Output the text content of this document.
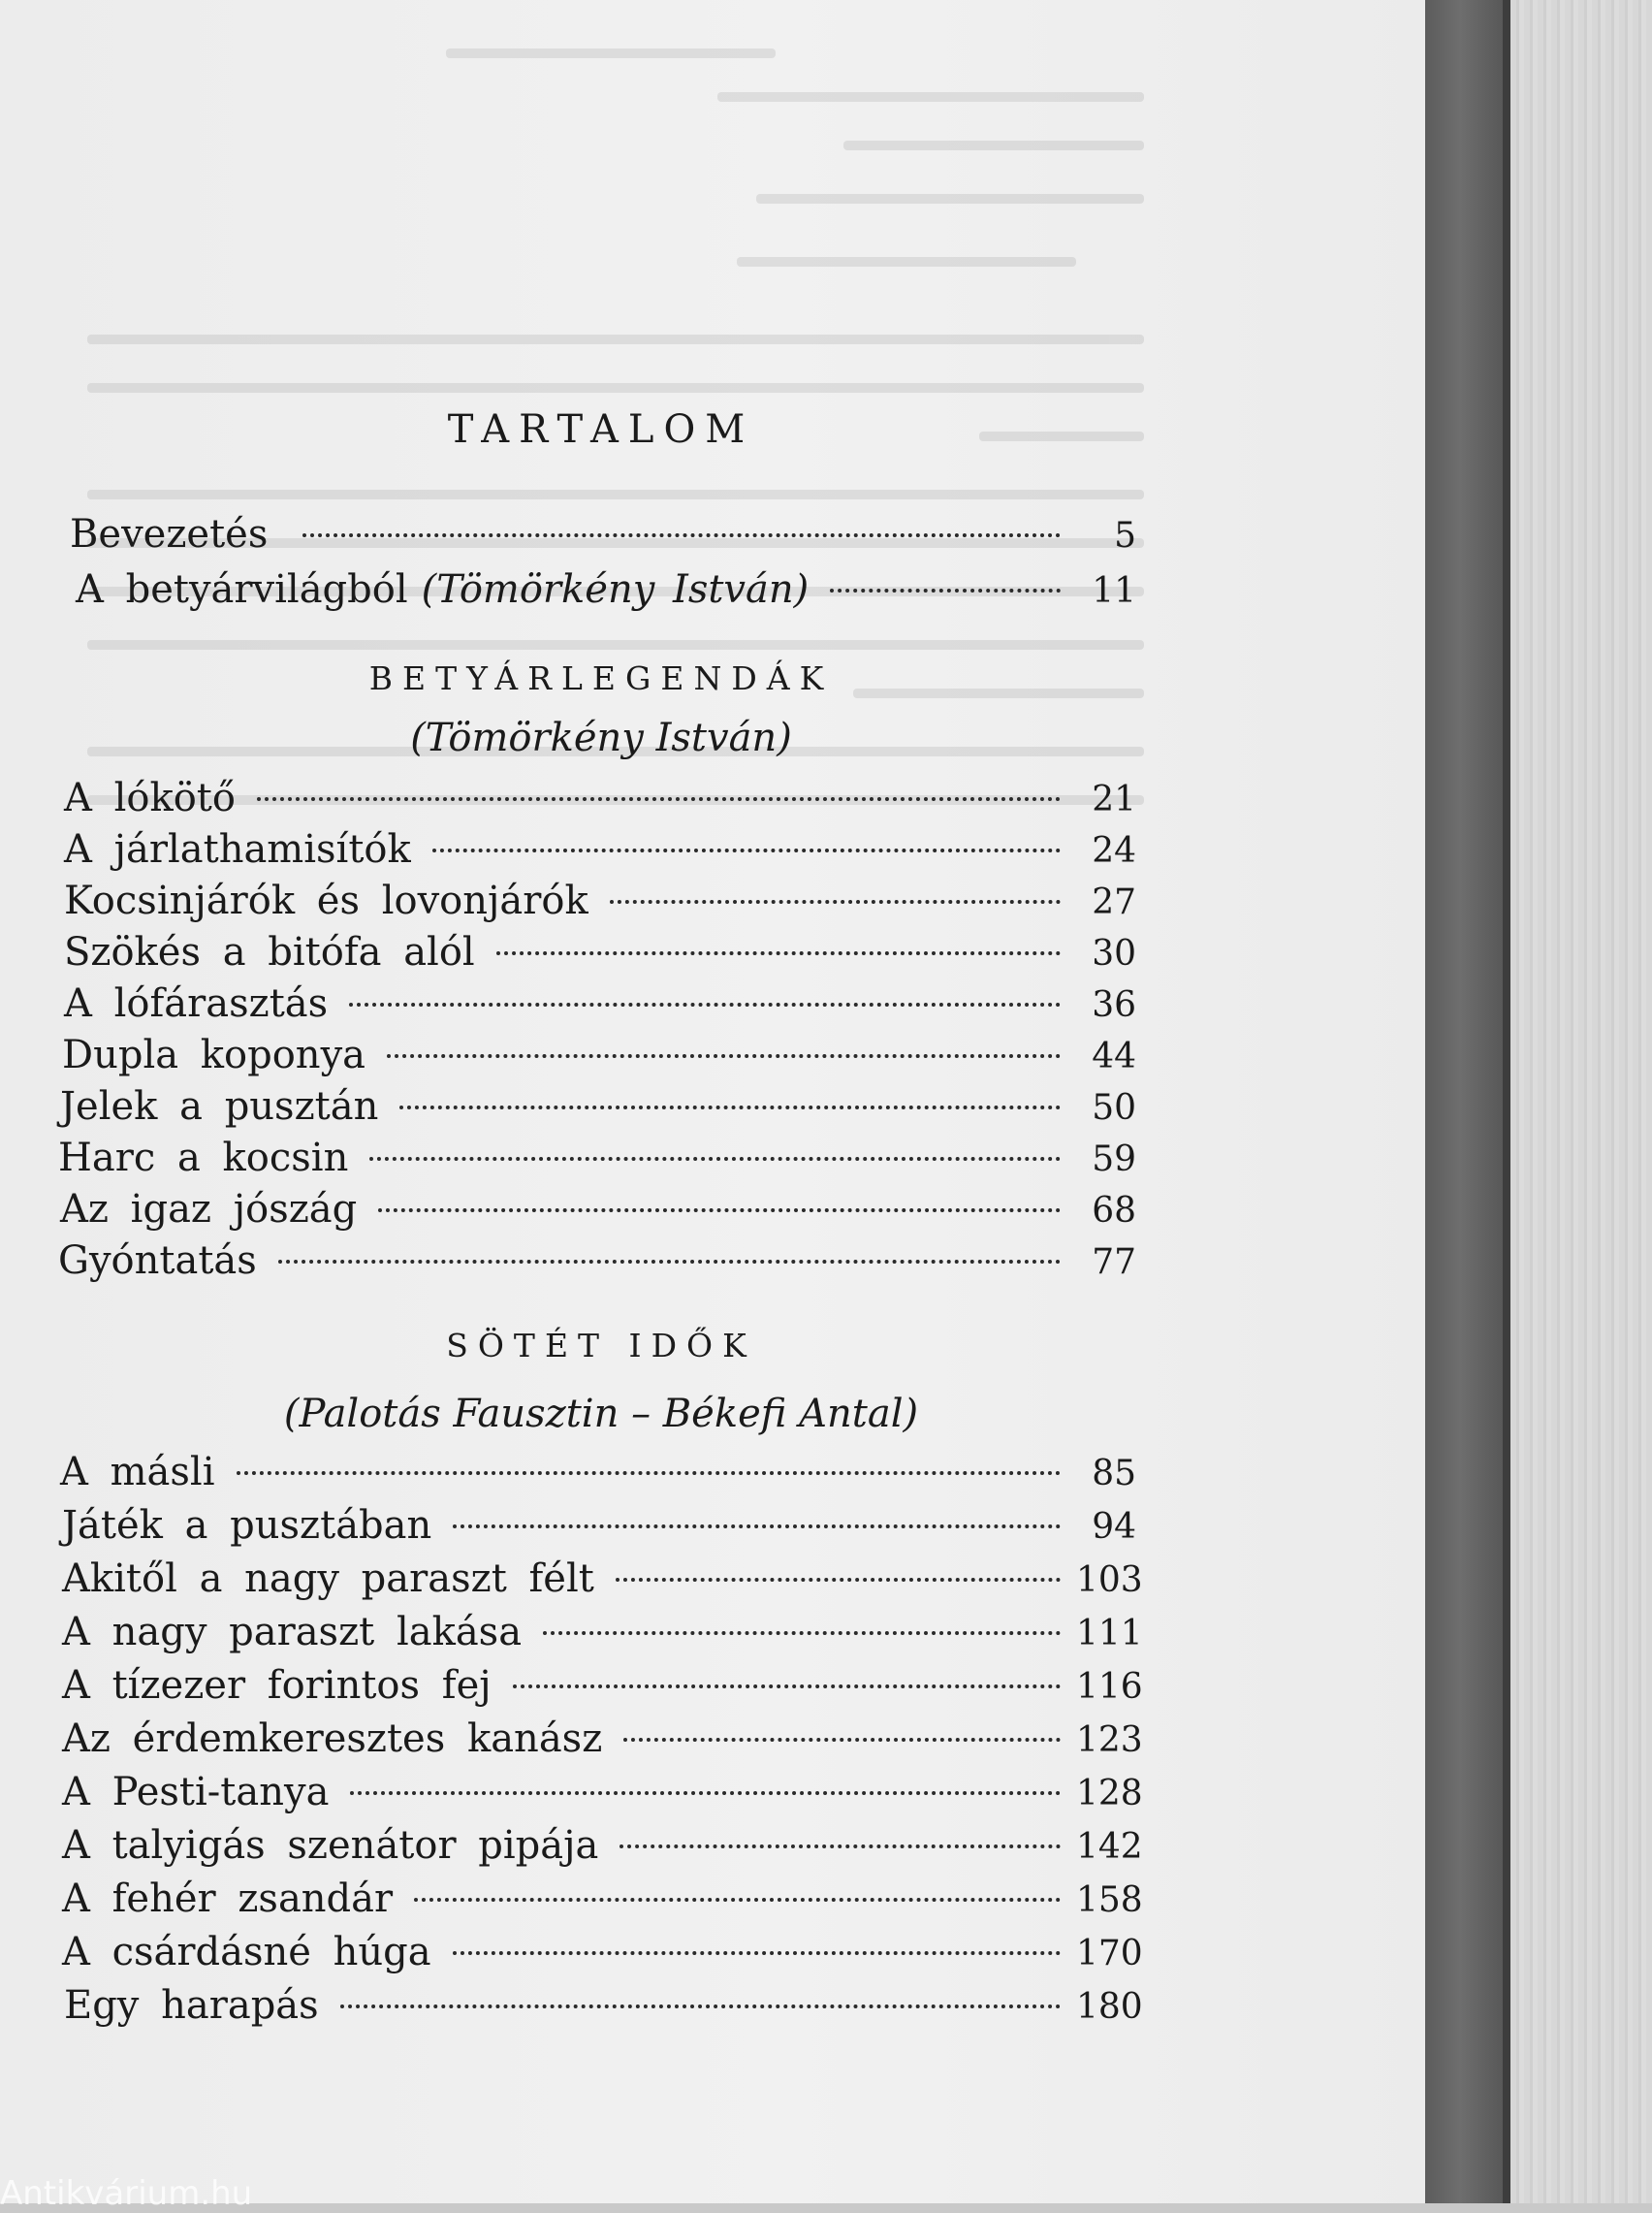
TARTALOM
Bevezetés	5
A betyárvilágból (Tömörkény István)	11
BETYÁRLEGENDÁK
(Tömörkény István)
A lókötő	21
A járlathamisítók	24
Kocsinjárók és lovonjárók	27
Szökés a bitófa alól	30
A lófárasztás	36
Dupla koponya	44
Jelek a pusztán	50
Harc a kocsin	59
Az igaz jószág	68
Gyóntatás	77
SÖTÉT IDŐK
(Palotás Fausztin – Békefi Antal)
A másli	85
Játék a pusztában	94
Akitől a nagy paraszt félt	103
A nagy paraszt lakása	111
A tízezer forintos fej	116
Az érdemkeresztes kanász	123
A Pesti-tanya	128
A talyigás szenátor pipája	142
A fehér zsandár	158
A csárdásné húga	170
Egy harapás	180
Antikvárium.hu
